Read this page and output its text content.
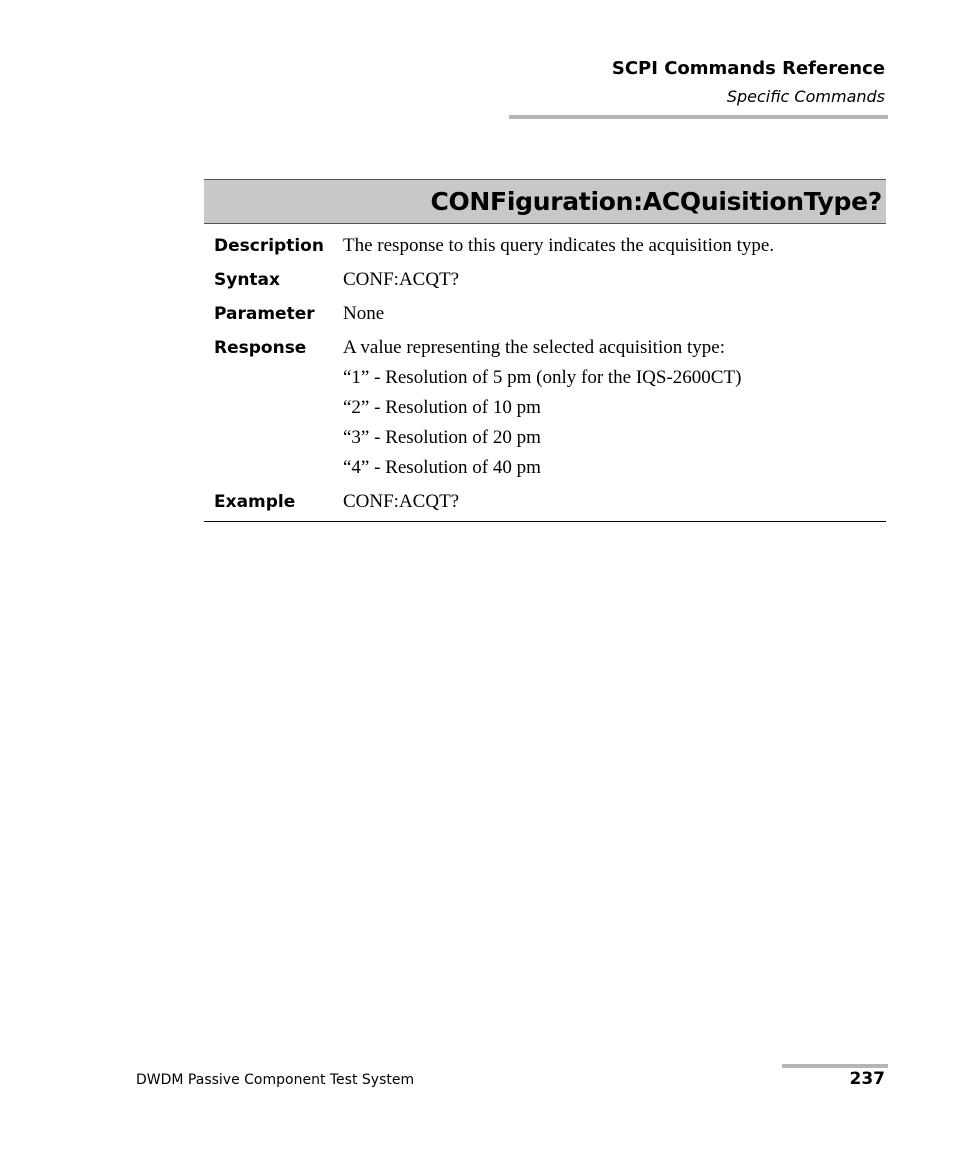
SCPI Commands Reference
Specific Commands
CONFiguration:ACQuisitionType?
Description	The response to this query indicates the acquisition type.
Syntax	CONF:ACQT?
Parameter	None
Response	A value representing the selected acquisition type:
“1” - Resolution of 5 pm (only for the IQS-2600CT)
“2” - Resolution of 10 pm
“3” - Resolution of 20 pm
“4” - Resolution of 40 pm
Example	CONF:ACQT?
DWDM Passive Component Test System	237
